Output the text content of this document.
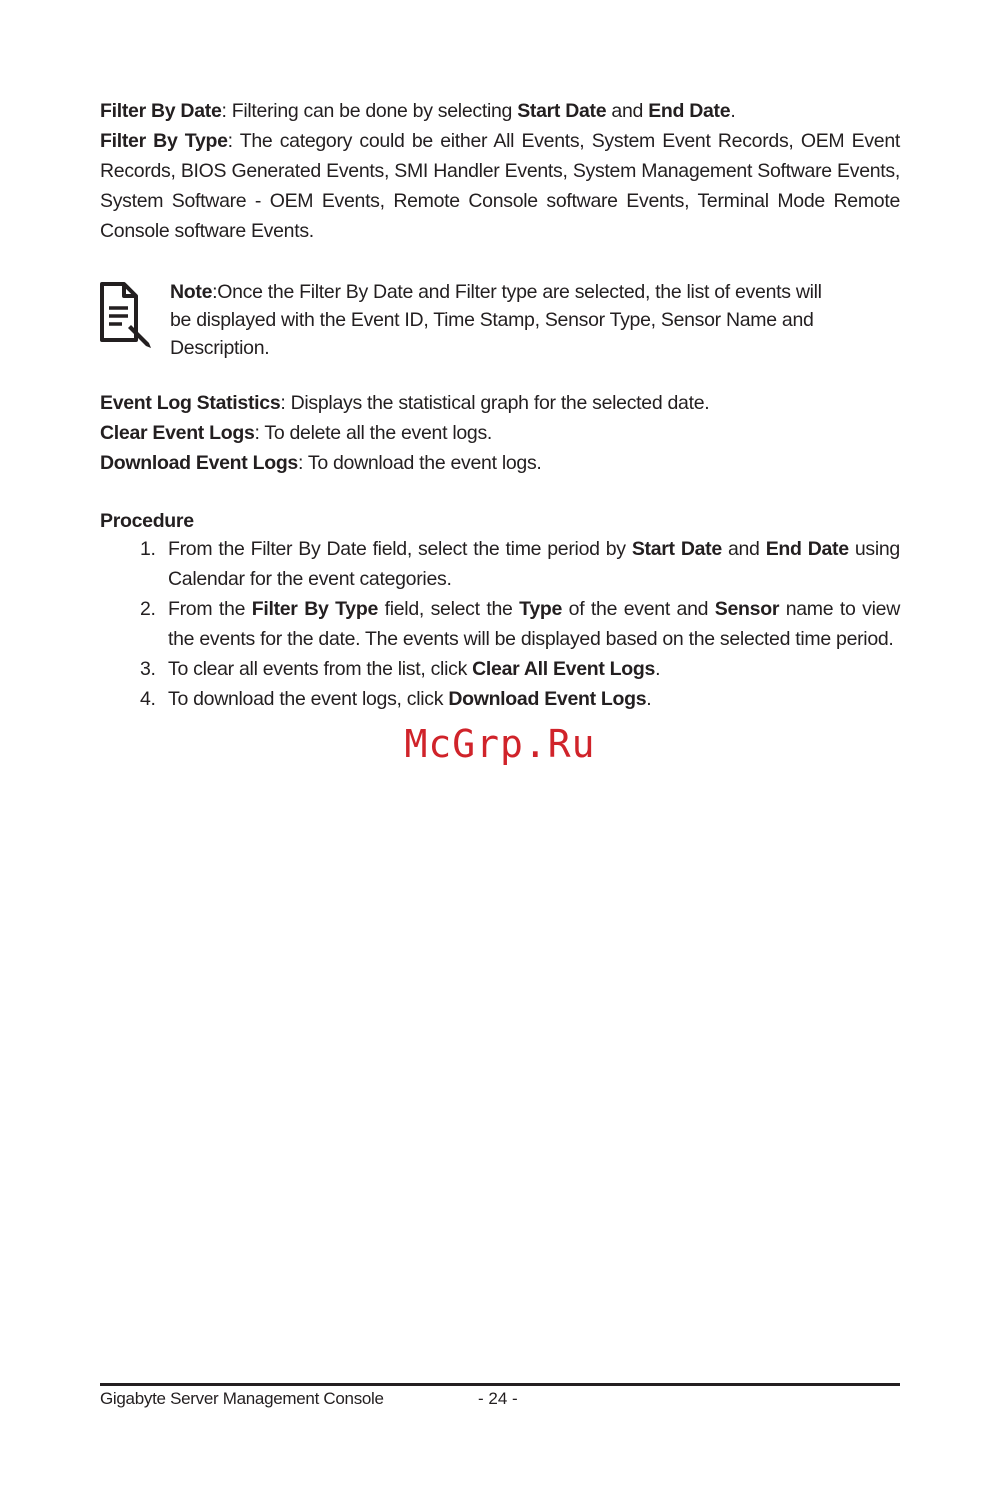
Filter By Date: Filtering can be done by selecting Start Date and End Date.
Filter By Type: The category could be either All Events, System Event Records, OEM Event Records, BIOS Generated Events, SMI Handler Events, System Management Software Events, System Software - OEM Events, Remote Console software Events, Terminal Mode Remote Console software Events.
Note:Once the Filter By Date and Filter type are selected, the list of events will
be displayed with the Event ID, Time Stamp, Sensor Type, Sensor Name and
Description.
Event Log Statistics: Displays the statistical graph for the selected date.
Clear Event Logs: To delete all the event logs.
Download Event Logs: To download the event logs.
Procedure
1. From the Filter By Date field, select the time period by Start Date and End Date using Calendar for the event categories.
2. From the Filter By Type field, select the Type of the event and Sensor name to view the events for the date. The events will be displayed based on the selected time period.
3. To clear all events from the list, click Clear All Event Logs.
4. To download the event logs, click Download Event Logs.
McGrp.Ru
Gigabyte Server Management Console	- 24 -
